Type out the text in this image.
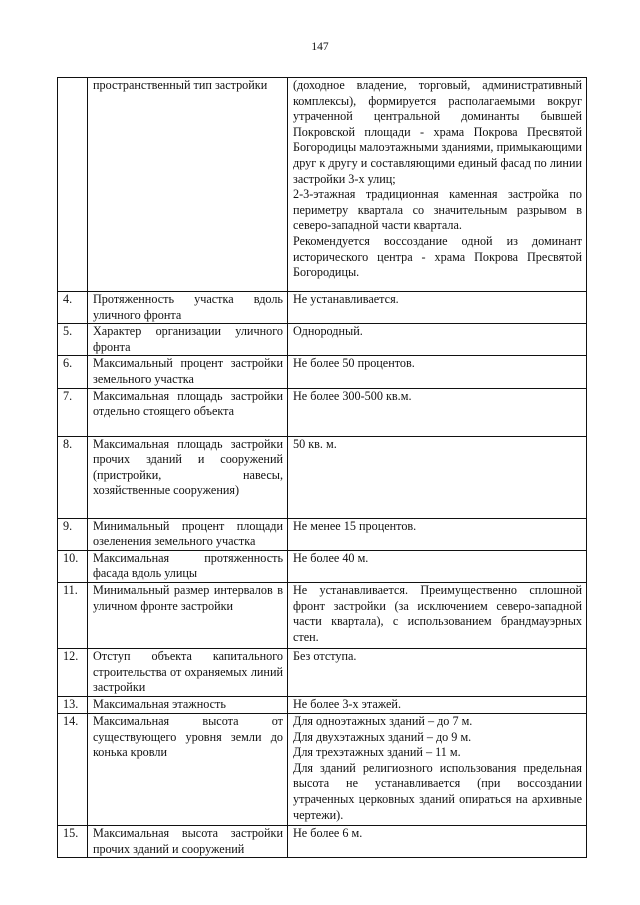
147
	пространственный тип застройки	(доходное владение, торговый, административный комплексы), формируется располагаемыми вокруг утраченной центральной доминанты бывшей Покровской площади - храма Покрова Пресвятой Богородицы малоэтажными зданиями, примыкающими друг к другу и составляющими единый фасад по линии застройки 3-х улиц;
2-3-этажная традиционная каменная застройка по периметру квартала со значительным разрывом в северо-западной части квартала.
Рекомендуется воссоздание одной из доминант исторического центра - храма Покрова Пресвятой Богородицы.

4.	Протяженность участка вдоль уличного фронта	Не устанавливается.

5.	Характер организации уличного фронта	Однородный.

6.	Максимальный процент застройки земельного участка	Не более 50 процентов.

7.	Максимальная площадь застройки отдельно стоящего объекта	Не более 300-500 кв.м.

8.	Максимальная площадь застройки прочих зданий и сооружений (пристройки, навесы, хозяйственные сооружения)	50 кв. м.

9.	Минимальный процент площади озеленения земельного участка	Не менее 15 процентов.

10.	Максимальная протяженность фасада вдоль улицы	Не более 40 м.

11.	Минимальный размер интервалов в уличном фронте застройки	Не устанавливается. Преимущественно сплошной фронт застройки (за исключением северо-западной части квартала), с использованием брандмауэрных стен.

12.	Отступ объекта капитального строительства от охраняемых линий застройки	Без отступа.

13.	Максимальная этажность	Не более 3-х этажей.

14.	Максимальная высота от существующего уровня земли до конька кровли	Для одноэтажных зданий – до 7 м.
Для двухэтажных зданий – до 9 м.
Для трехэтажных зданий – 11 м.
Для зданий религиозного использования предельная высота не устанавливается (при воссоздании утраченных церковных зданий опираться на архивные чертежи).

15.	Максимальная высота застройки прочих зданий и сооружений	Не более 6 м.
